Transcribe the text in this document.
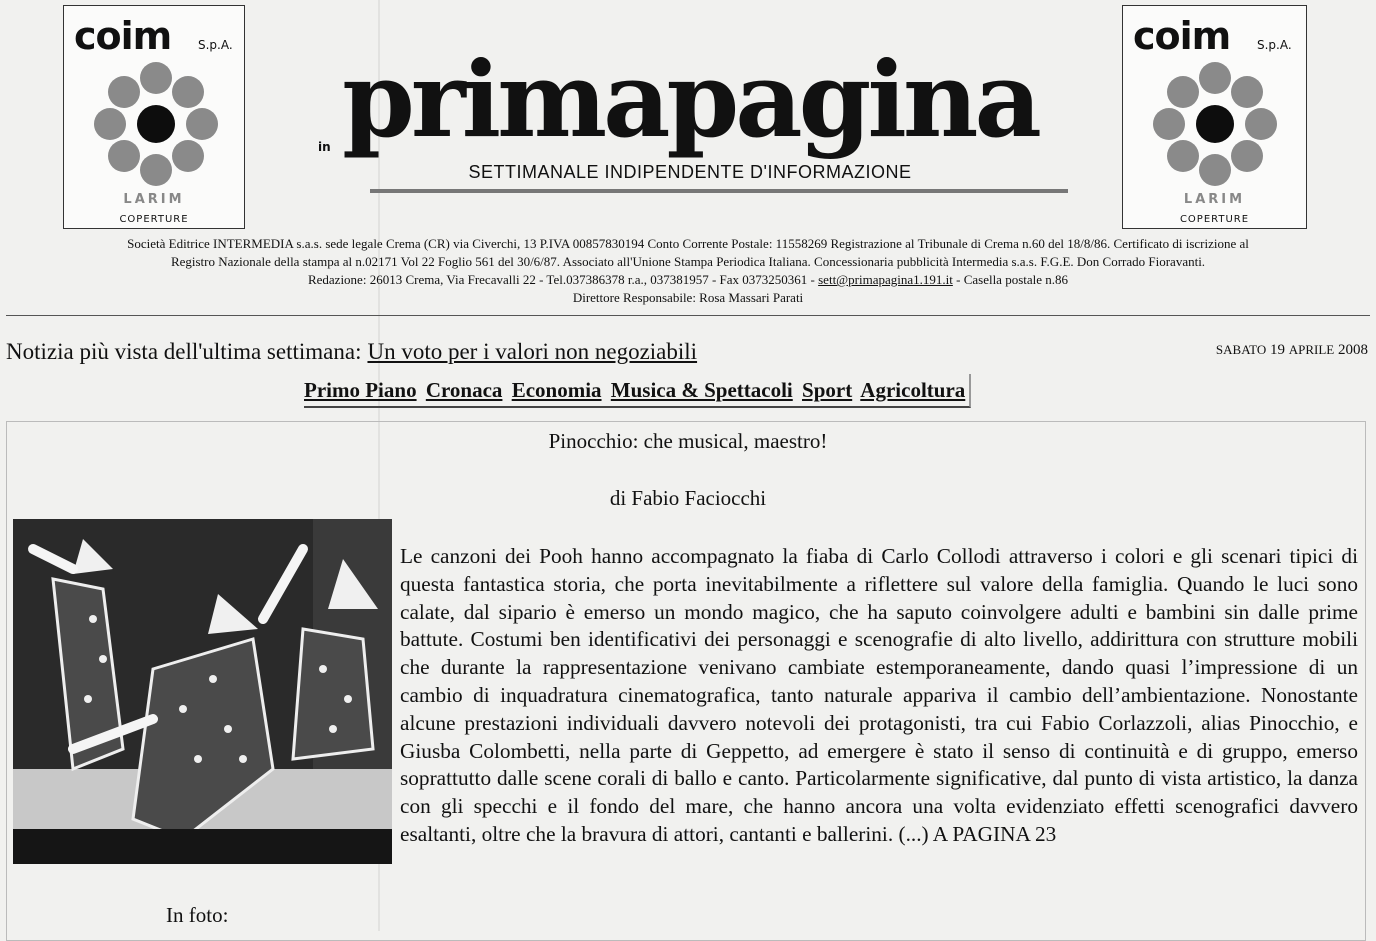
coim S.p.A.
LARIM
COPERTURE
coim S.p.A.
LARIM
COPERTURE
in primapagina
SETTIMANALE INDIPENDENTE D'INFORMAZIONE
Società Editrice INTERMEDIA s.a.s. sede legale Crema (CR) via Civerchi, 13 P.IVA 00857830194 Conto Corrente Postale: 11558269 Registrazione al Tribunale di Crema n.60 del 18/8/86. Certificato di iscrizione al
Registro Nazionale della stampa al n.02171 Vol 22 Foglio 561 del 30/6/87. Associato all'Unione Stampa Periodica Italiana. Concessionaria pubblicità Intermedia s.a.s. F.G.E. Don Corrado Fioravanti.
Redazione: 26013 Crema, Via Frecavalli 22 - Tel.037386378 r.a., 037381957 - Fax 0373250361 - sett@primapagina1.191.it - Casella postale n.86
Direttore Responsabile: Rosa Massari Parati
Notizia più vista dell'ultima settimana: Un voto per i valori non negoziabili	SABATO 19 APRILE 2008
Primo Piano Cronaca Economia Musica & Spettacoli Sport Agricoltura
Pinocchio: che musical, maestro!
di Fabio Faciocchi
In foto:

Le canzoni dei Pooh hanno accompagnato la fiaba di Carlo Collodi attraverso i colori e gli scenari tipici di questa fantastica storia, che porta inevitabilmente a riflettere sul valore della famiglia. Quando le luci sono calate, dal sipario è emerso un mondo magico, che ha saputo coinvolgere adulti e bambini sin dalle prime battute. Costumi ben identificativi dei personaggi e scenografie di alto livello, addirittura con strutture mobili che durante la rappresentazione venivano cambiate estemporaneamente, dando quasi l’impressione di un cambio di inquadratura cinematografica, tanto naturale appariva il cambio dell’ambientazione. Nonostante alcune prestazioni individuali davvero notevoli dei protagonisti, tra cui Fabio Corlazzoli, alias Pinocchio, e Giusba Colombetti, nella parte di Geppetto, ad emergere è stato il senso di continuità e di gruppo, emerso soprattutto dalle scene corali di ballo e canto. Particolarmente significative, dal punto di vista artistico, la danza con gli specchi e il fondo del mare, che hanno ancora una volta evidenziato effetti scenografici davvero esaltanti, oltre che la bravura di attori, cantanti e ballerini. (...) A PAGINA 23
